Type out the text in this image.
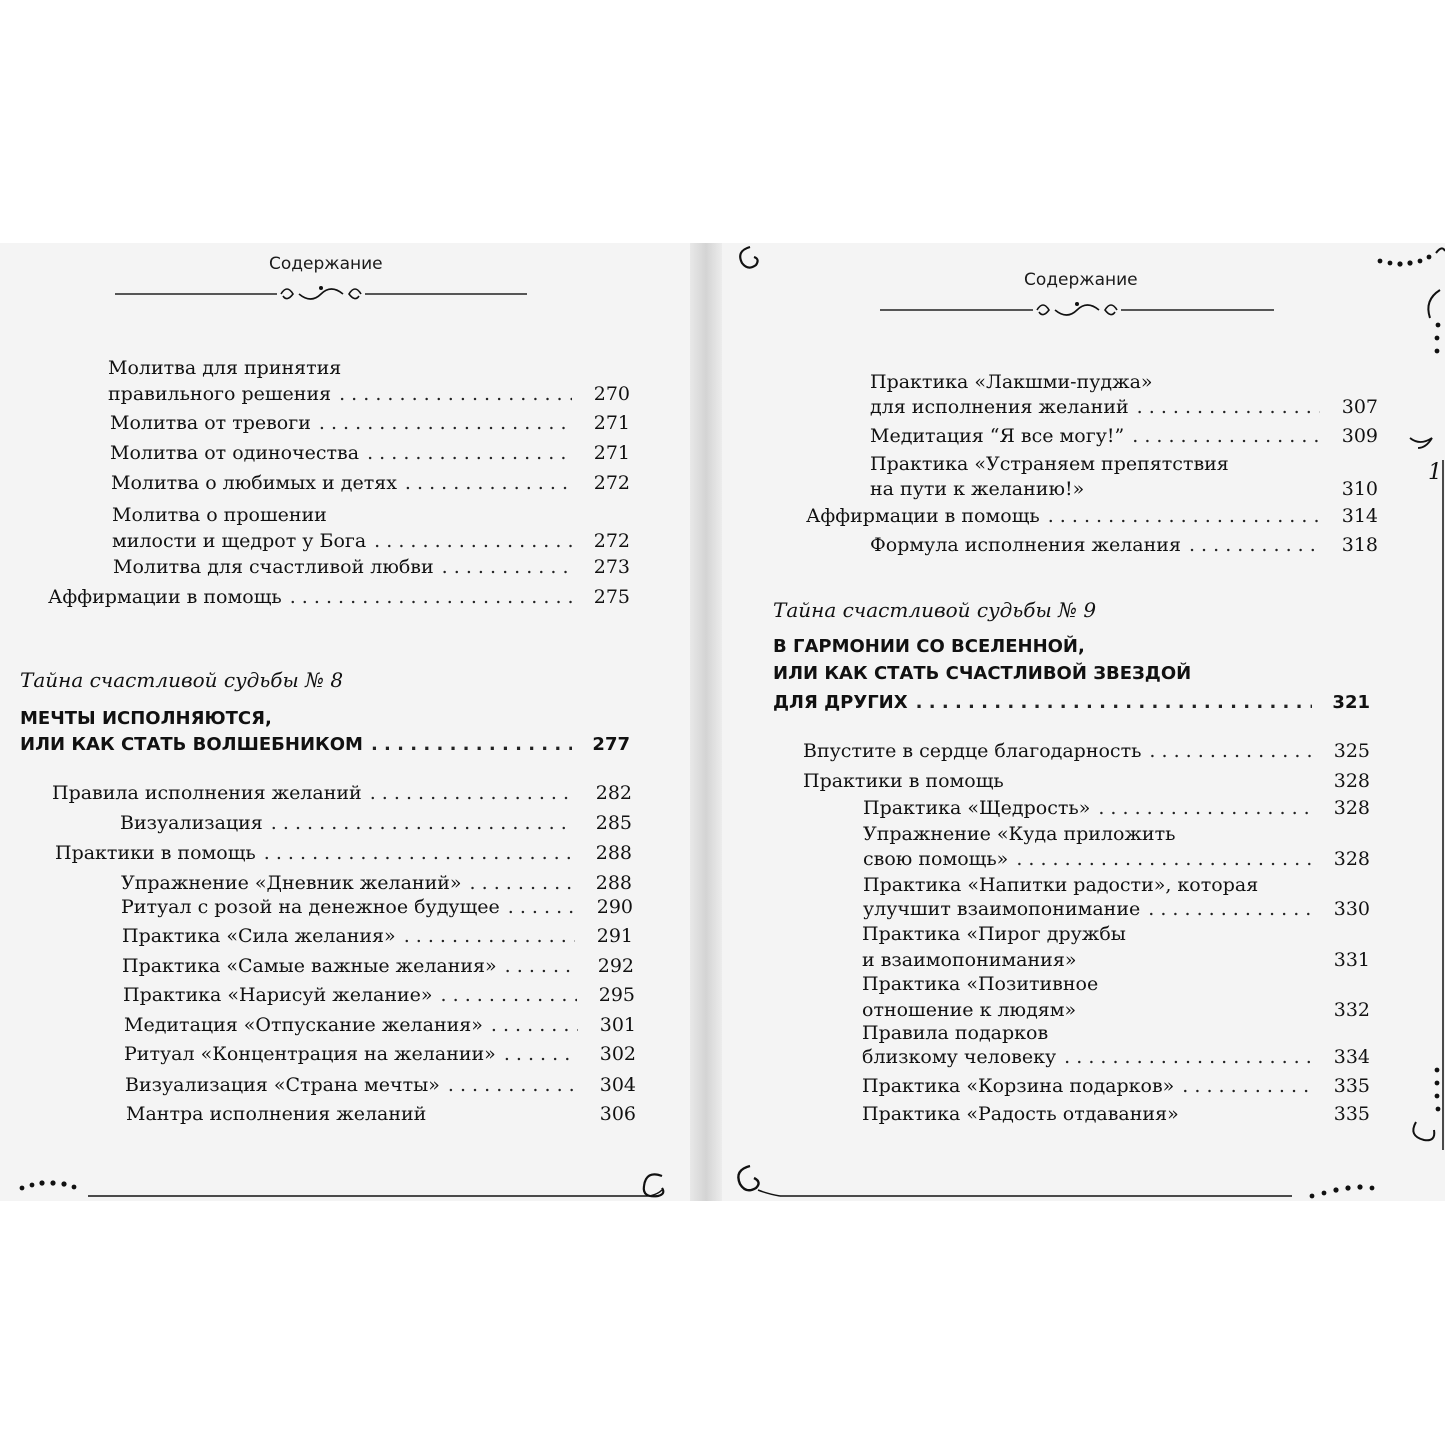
Содержание
Молитва для принятия
правильного решения . . .	270
Молитва от тревоги . . .	271
Молитва от одиночества . . .	271
Молитва о любимых и детях . . .	272
Молитва о прошении
милости и щедрот у Бога . . .	272
Молитва для счастливой любви . . .	273
Аффирмации в помощь . . .	275
Тайна счастливой судьбы № 8
МЕЧТЫ ИСПОЛНЯЮТСЯ,
ИЛИ КАК СТАТЬ ВОЛШЕБНИКОМ . . .	277
Правила исполнения желаний . . .	282
Визуализация . . .	285
Практики в помощь . . .	288
Упражнение «Дневник желаний» . . .	288
Ритуал с розой на денежное будущее . . .	290
Практика «Сила желания» . . .	291
Практика «Самые важные желания» . . .	292
Практика «Нарисуй желание» . . .	295
Медитация «Отпускание желания» . . .	301
Ритуал «Концентрация на желании» . . .	302
Визуализация «Страна мечты» . . .	304
Мантра исполнения желаний	306
Содержание
1
Практика «Лакшми-пуджа»
для исполнения желаний . . .	307
Медитация “Я все могу!” . . .	309
Практика «Устраняем препятствия
на пути к желанию!»	310
Аффирмации в помощь . . .	314
Формула исполнения желания . . .	318
Тайна счастливой судьбы № 9
В ГАРМОНИИ СО ВСЕЛЕННОЙ,
ИЛИ КАК СТАТЬ СЧАСТЛИВОЙ ЗВЕЗДОЙ
ДЛЯ ДРУГИХ . . .	321
Впустите в сердце благодарность . . .	325
Практики в помощь	328
Практика «Щедрость» . . .	328
Упражнение «Куда приложить
свою помощь» . . .	328
Практика «Напитки радости», которая
улучшит взаимопонимание . . .	330
Практика «Пирог дружбы
и взаимопонимания»	331
Практика «Позитивное
отношение к людям»	332
Правила подарков
близкому человеку . . .	334
Практика «Корзина подарков» . . .	335
Практика «Радость отдавания»	335
